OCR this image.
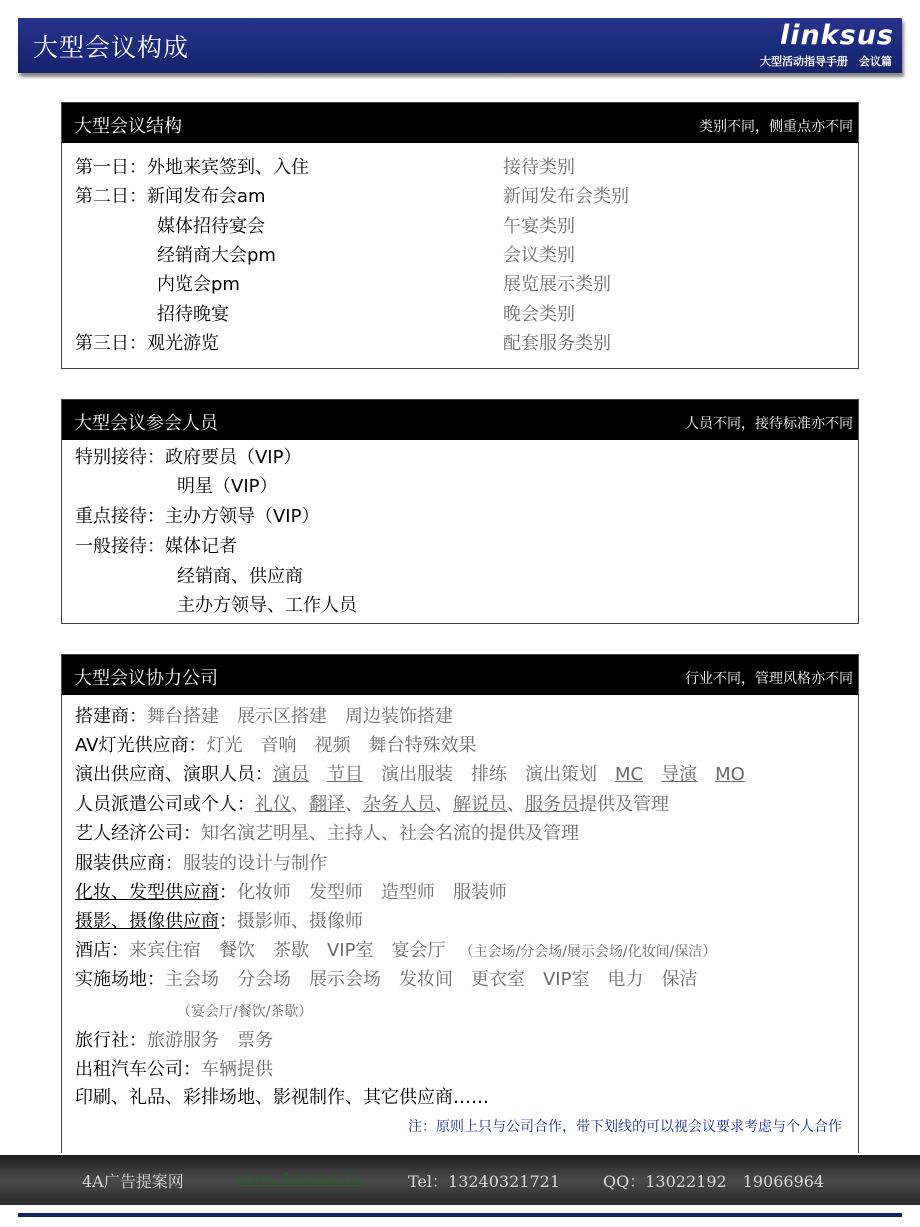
大型会议构成	linksus
大型活动指导手册　会议篇
大型会议结构	类别不同，侧重点亦不同
第一日：外地来宾签到、入住	接待类别
第二日：新闻发布会am	新闻发布会类别
媒体招待宴会	午宴类别
经销商大会pm	会议类别
内览会pm	展览展示类别
招待晚宴	晚会类别
第三日：观光游览	配套服务类别
大型会议参会人员	人员不同，接待标准亦不同
特别接待：政府要员（VIP）
明星（VIP）
重点接待：主办方领导（VIP）
一般接待：媒体记者
经销商、供应商
主办方领导、工作人员
大型会议协力公司	行业不同，管理风格亦不同
搭建商：舞台搭建　展示区搭建　周边装饰搭建
AV灯光供应商：灯光　音响　视频　舞台特殊效果
演出供应商、演职人员：演员　 节目　 演出服装　排练　演出策划　 MC　 导演　 MO
人员派遣公司或个人：礼仪、翻译、杂务人员、解说员、服务员提供及管理
艺人经济公司：知名演艺明星、主持人、社会名流的提供及管理
服装供应商：服装的设计与制作
化妆、发型供应商：化妆师　发型师　造型师　服装师
摄影、摄像供应商：摄影师、摄像师
酒店：来宾住宿　餐饮　茶歇　VIP室　宴会厅 （主会场/分会场/展示会场/化妆间/保洁）
实施场地：主会场　分会场　展示会场　发妆间　更衣室　VIP室　电力　保洁
（宴会厅/餐饮/茶歇）
旅行社：旅游服务　票务
出租汽车公司：车辆提供
印刷、礼品、彩排场地、影视制作、其它供应商……
注：原则上只与公司合作，带下划线的可以视会议要求考虑与个人合作
4A广告提案网	www.4aaaaa.cn	Tel：13240321721	QQ：13022192　19066964
